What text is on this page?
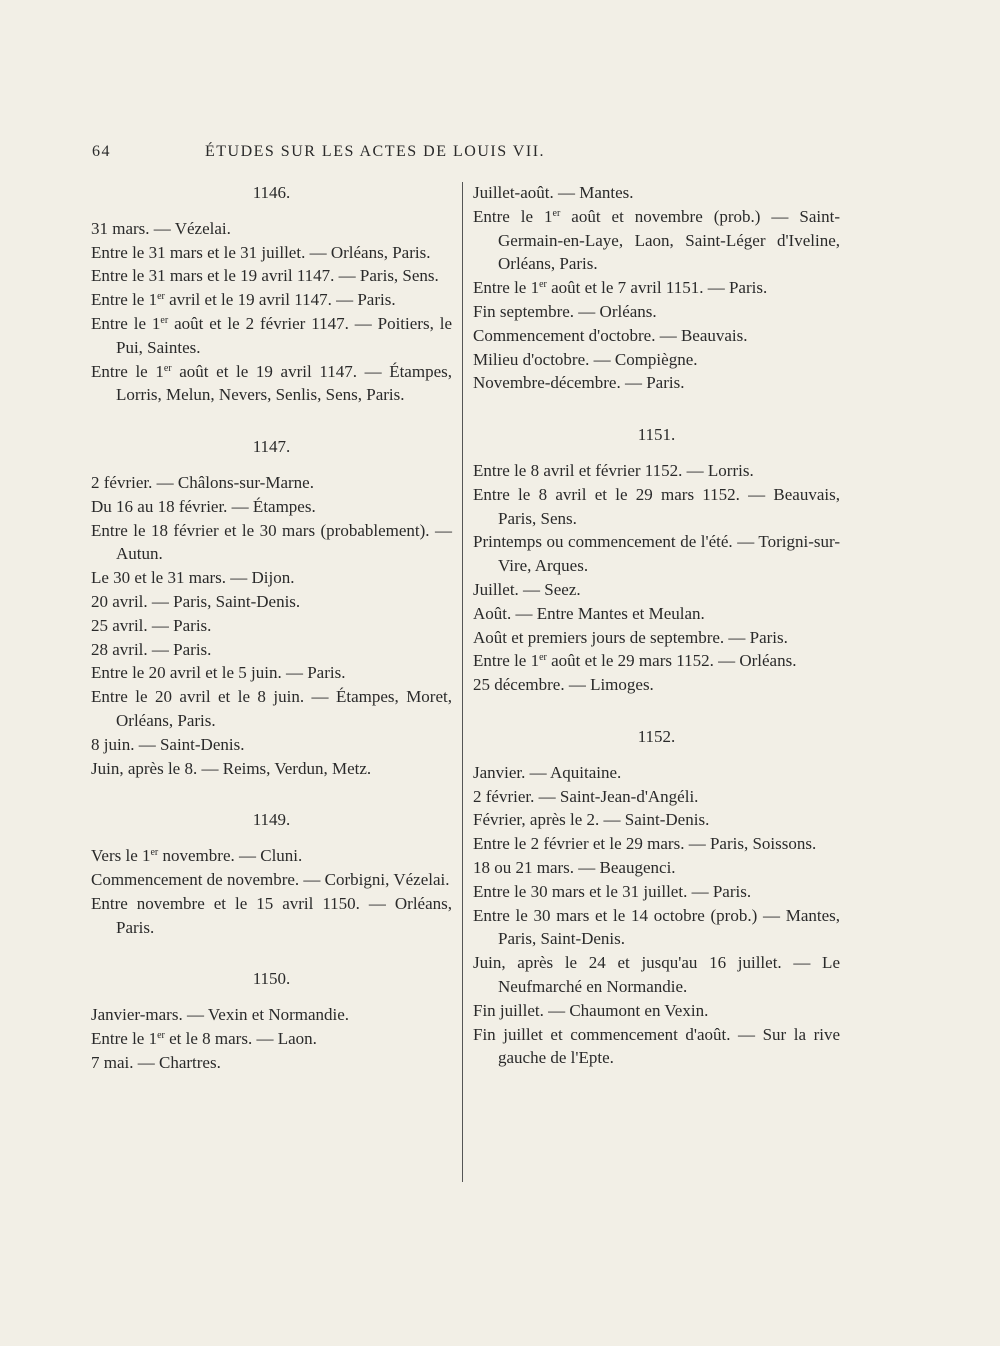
64	ÉTUDES SUR LES ACTES DE LOUIS VII.

1146.

31 mars. — Vézelai.

Entre le 31 mars et le 31 juillet. — Orléans, Paris.

Entre le 31 mars et le 19 avril 1147. — Paris, Sens.

Entre le 1er avril et le 19 avril 1147. — Paris.

Entre le 1er août et le 2 février 1147. — Poitiers, le Pui, Saintes.

Entre le 1er août et le 19 avril 1147. — Étampes, Lorris, Melun, Nevers, Senlis, Sens, Paris.

1147.

2 février. — Châlons-sur-Marne.

Du 16 au 18 février. — Étampes.

Entre le 18 février et le 30 mars (probablement). — Autun.

Le 30 et le 31 mars. — Dijon.

20 avril. — Paris, Saint-Denis.

25 avril. — Paris.

28 avril. — Paris.

Entre le 20 avril et le 5 juin. — Paris.

Entre le 20 avril et le 8 juin. — Étampes, Moret, Orléans, Paris.

8 juin. — Saint-Denis.

Juin, après le 8. — Reims, Verdun, Metz.

1149.

Vers le 1er novembre. — Cluni.

Commencement de novembre. — Corbigni, Vézelai.

Entre novembre et le 15 avril 1150. — Orléans, Paris.

1150.

Janvier-mars. — Vexin et Normandie.

Entre le 1er et le 8 mars. — Laon.

7 mai. — Chartres.

Juillet-août. — Mantes.

Entre le 1er août et novembre (prob.) — Saint-Germain-en-Laye, Laon, Saint-Léger d'Iveline, Orléans, Paris.

Entre le 1er août et le 7 avril 1151. — Paris.

Fin septembre. — Orléans.

Commencement d'octobre. — Beauvais.

Milieu d'octobre. — Compiègne.

Novembre-décembre. — Paris.

1151.

Entre le 8 avril et février 1152. — Lorris.

Entre le 8 avril et le 29 mars 1152. — Beauvais, Paris, Sens.

Printemps ou commencement de l'été. — Torigni-sur-Vire, Arques.

Juillet. — Seez.

Août. — Entre Mantes et Meulan.

Août et premiers jours de septembre. — Paris.

Entre le 1er août et le 29 mars 1152. — Orléans.

25 décembre. — Limoges.

1152.

Janvier. — Aquitaine.

2 février. — Saint-Jean-d'Angéli.

Février, après le 2. — Saint-Denis.

Entre le 2 février et le 29 mars. — Paris, Soissons.

18 ou 21 mars. — Beaugenci.

Entre le 30 mars et le 31 juillet. — Paris.

Entre le 30 mars et le 14 octobre (prob.) — Mantes, Paris, Saint-Denis.

Juin, après le 24 et jusqu'au 16 juillet. — Le Neufmarché en Normandie.

Fin juillet. — Chaumont en Vexin.

Fin juillet et commencement d'août. — Sur la rive gauche de l'Epte.
